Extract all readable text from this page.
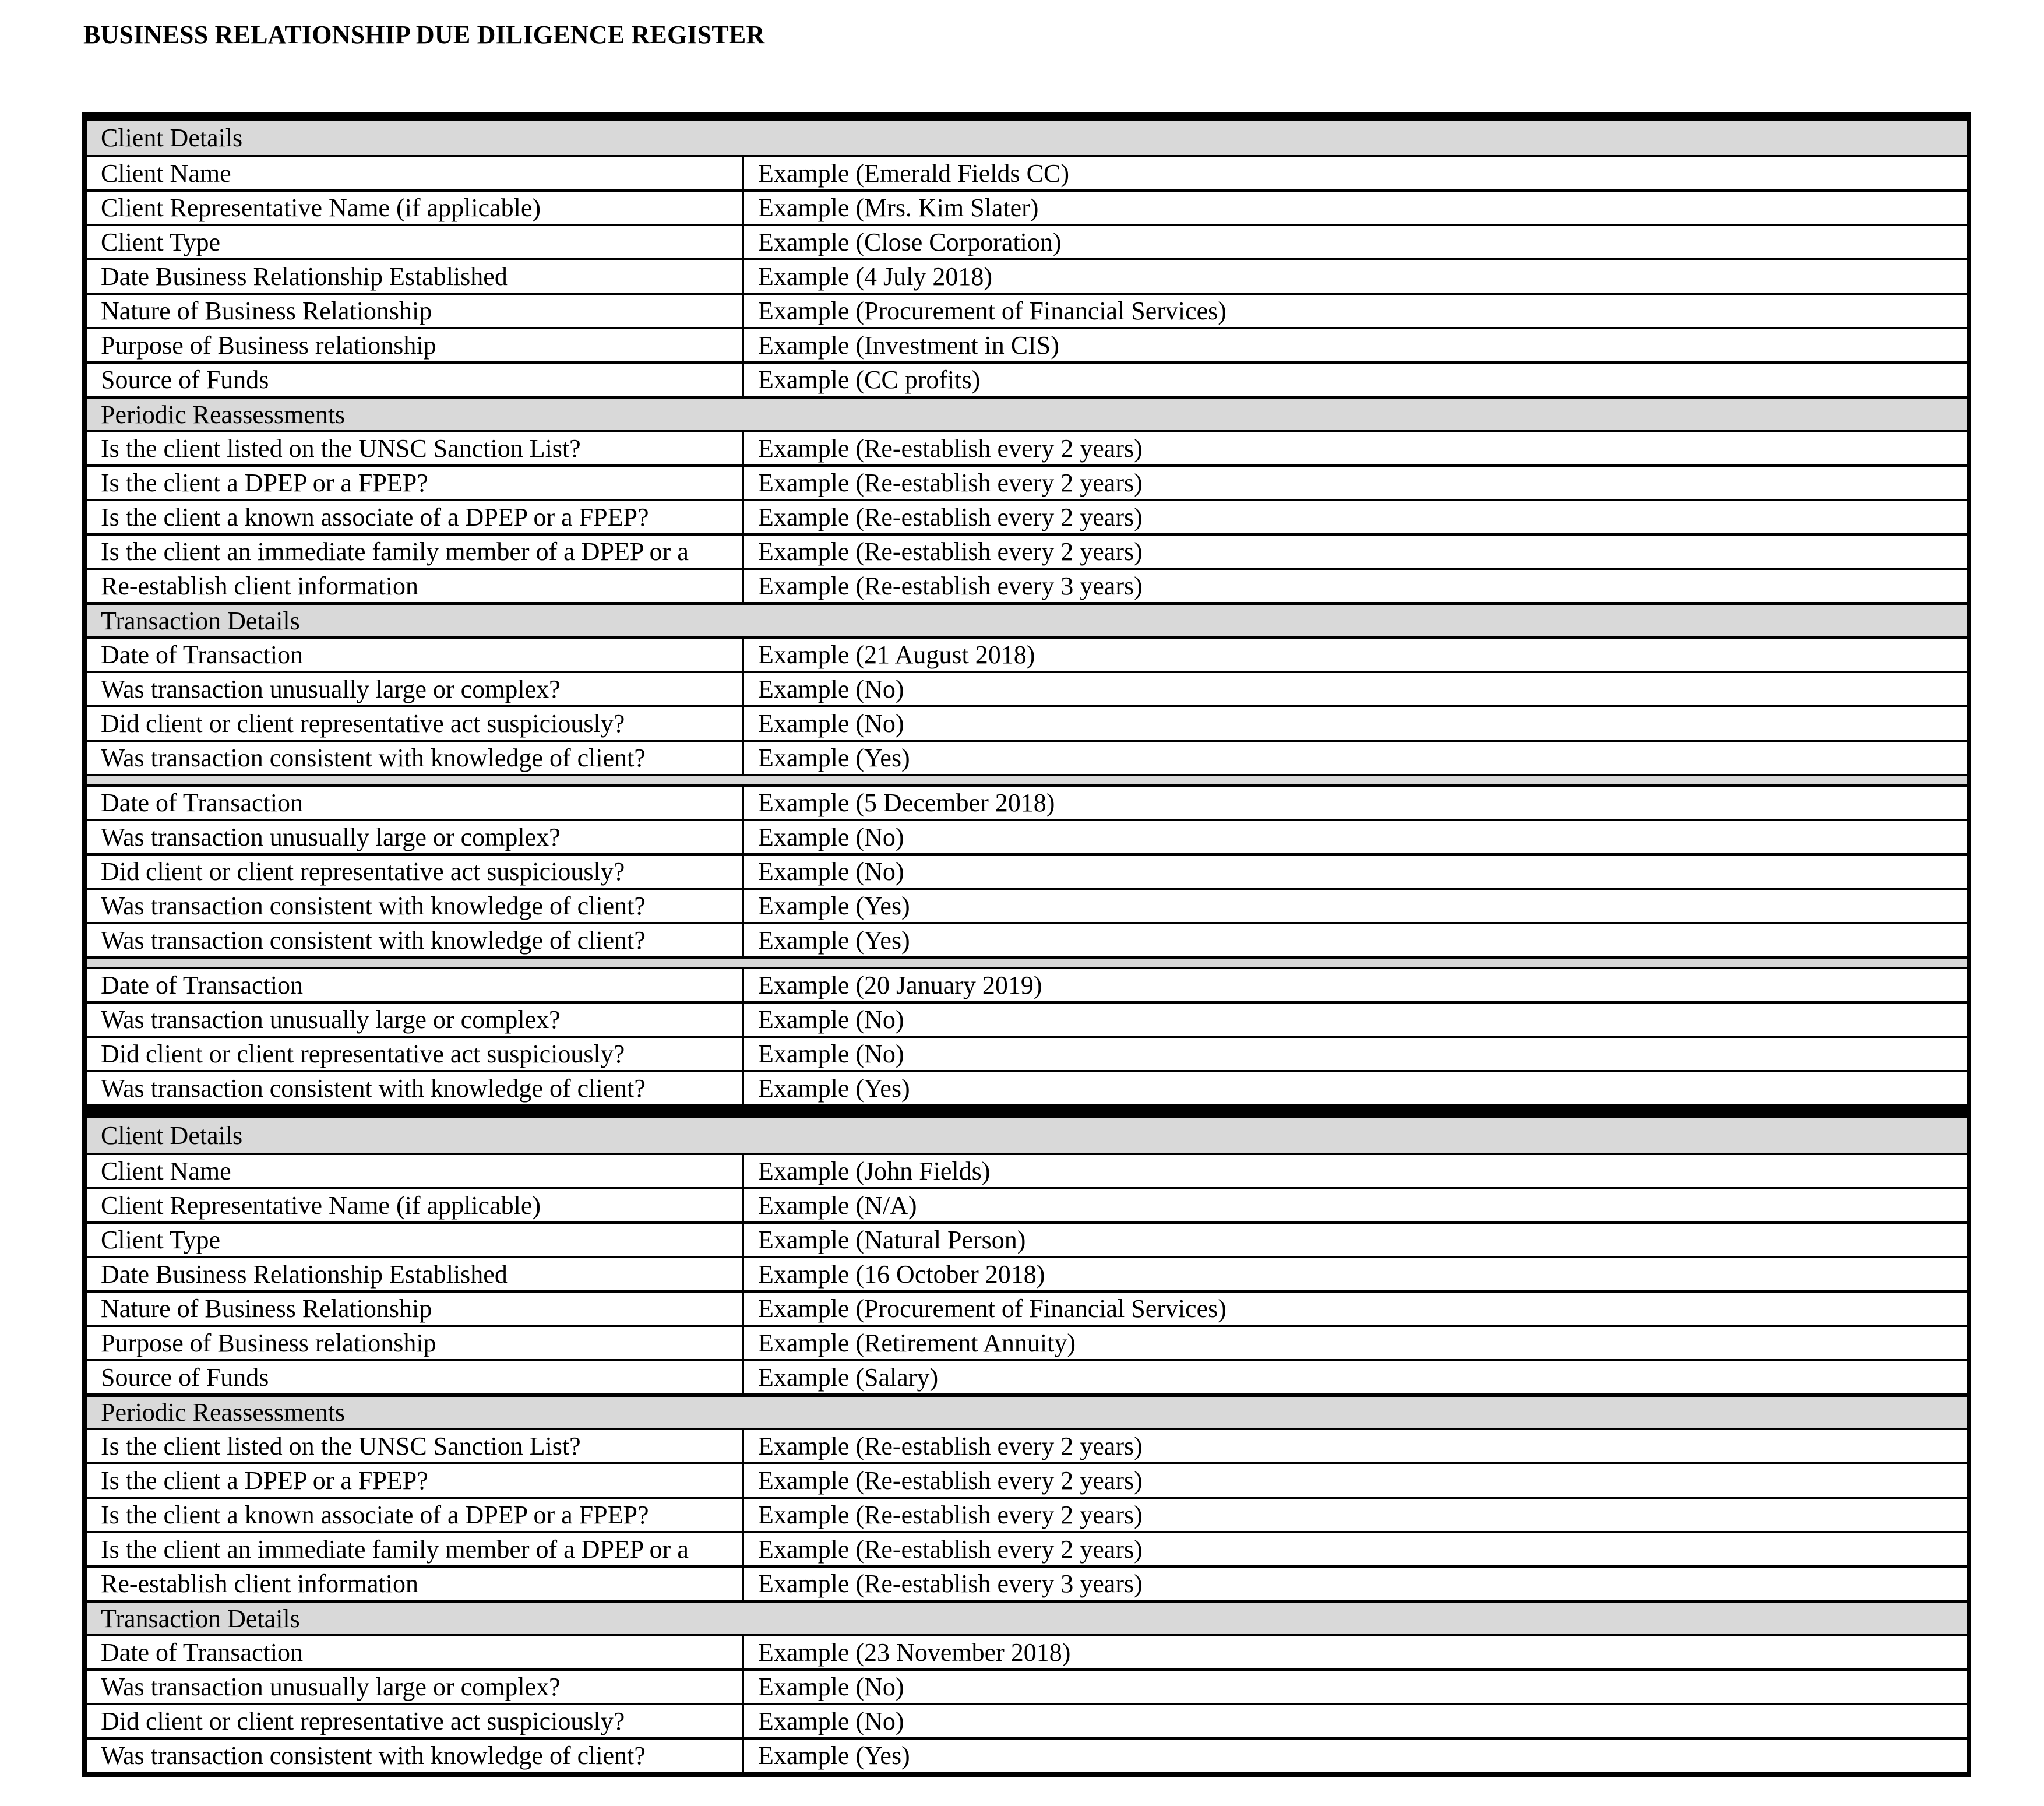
BUSINESS RELATIONSHIP DUE DILIGENCE REGISTER
Client Details
Client Name	Example (Emerald Fields CC)
Client Representative Name (if applicable)	Example (Mrs. Kim Slater)
Client Type	Example (Close Corporation)
Date Business Relationship Established	Example (4 July 2018)
Nature of Business Relationship	Example (Procurement of Financial Services)
Purpose of Business relationship	Example (Investment in CIS)
Source of Funds	Example (CC profits)
Periodic Reassessments
Is the client listed on the UNSC Sanction List?	Example (Re-establish every 2 years)
Is the client a DPEP or a FPEP?	Example (Re-establish every 2 years)
Is the client a known associate of a DPEP or a FPEP?	Example (Re-establish every 2 years)
Is the client an immediate family member of a DPEP or a	Example (Re-establish every 2 years)
Re-establish client information	Example (Re-establish every 3 years)
Transaction Details
Date of Transaction	Example (21 August 2018)
Was transaction unusually large or complex?	Example (No)
Did client or client representative act suspiciously?	Example (No)
Was transaction consistent with knowledge of client?	Example (Yes)
Date of Transaction	Example (5 December 2018)
Was transaction unusually large or complex?	Example (No)
Did client or client representative act suspiciously?	Example (No)
Was transaction consistent with knowledge of client?	Example (Yes)
Was transaction consistent with knowledge of client?	Example (Yes)
Date of Transaction	Example (20 January 2019)
Was transaction unusually large or complex?	Example (No)
Did client or client representative act suspiciously?	Example (No)
Was transaction consistent with knowledge of client?	Example (Yes)
Client Details
Client Name	Example (John Fields)
Client Representative Name (if applicable)	Example (N/A)
Client Type	Example (Natural Person)
Date Business Relationship Established	Example (16 October 2018)
Nature of Business Relationship	Example (Procurement of Financial Services)
Purpose of Business relationship	Example (Retirement Annuity)
Source of Funds	Example (Salary)
Periodic Reassessments
Is the client listed on the UNSC Sanction List?	Example (Re-establish every 2 years)
Is the client a DPEP or a FPEP?	Example (Re-establish every 2 years)
Is the client a known associate of a DPEP or a FPEP?	Example (Re-establish every 2 years)
Is the client an immediate family member of a DPEP or a	Example (Re-establish every 2 years)
Re-establish client information	Example (Re-establish every 3 years)
Transaction Details
Date of Transaction	Example (23 November 2018)
Was transaction unusually large or complex?	Example (No)
Did client or client representative act suspiciously?	Example (No)
Was transaction consistent with knowledge of client?	Example (Yes)
